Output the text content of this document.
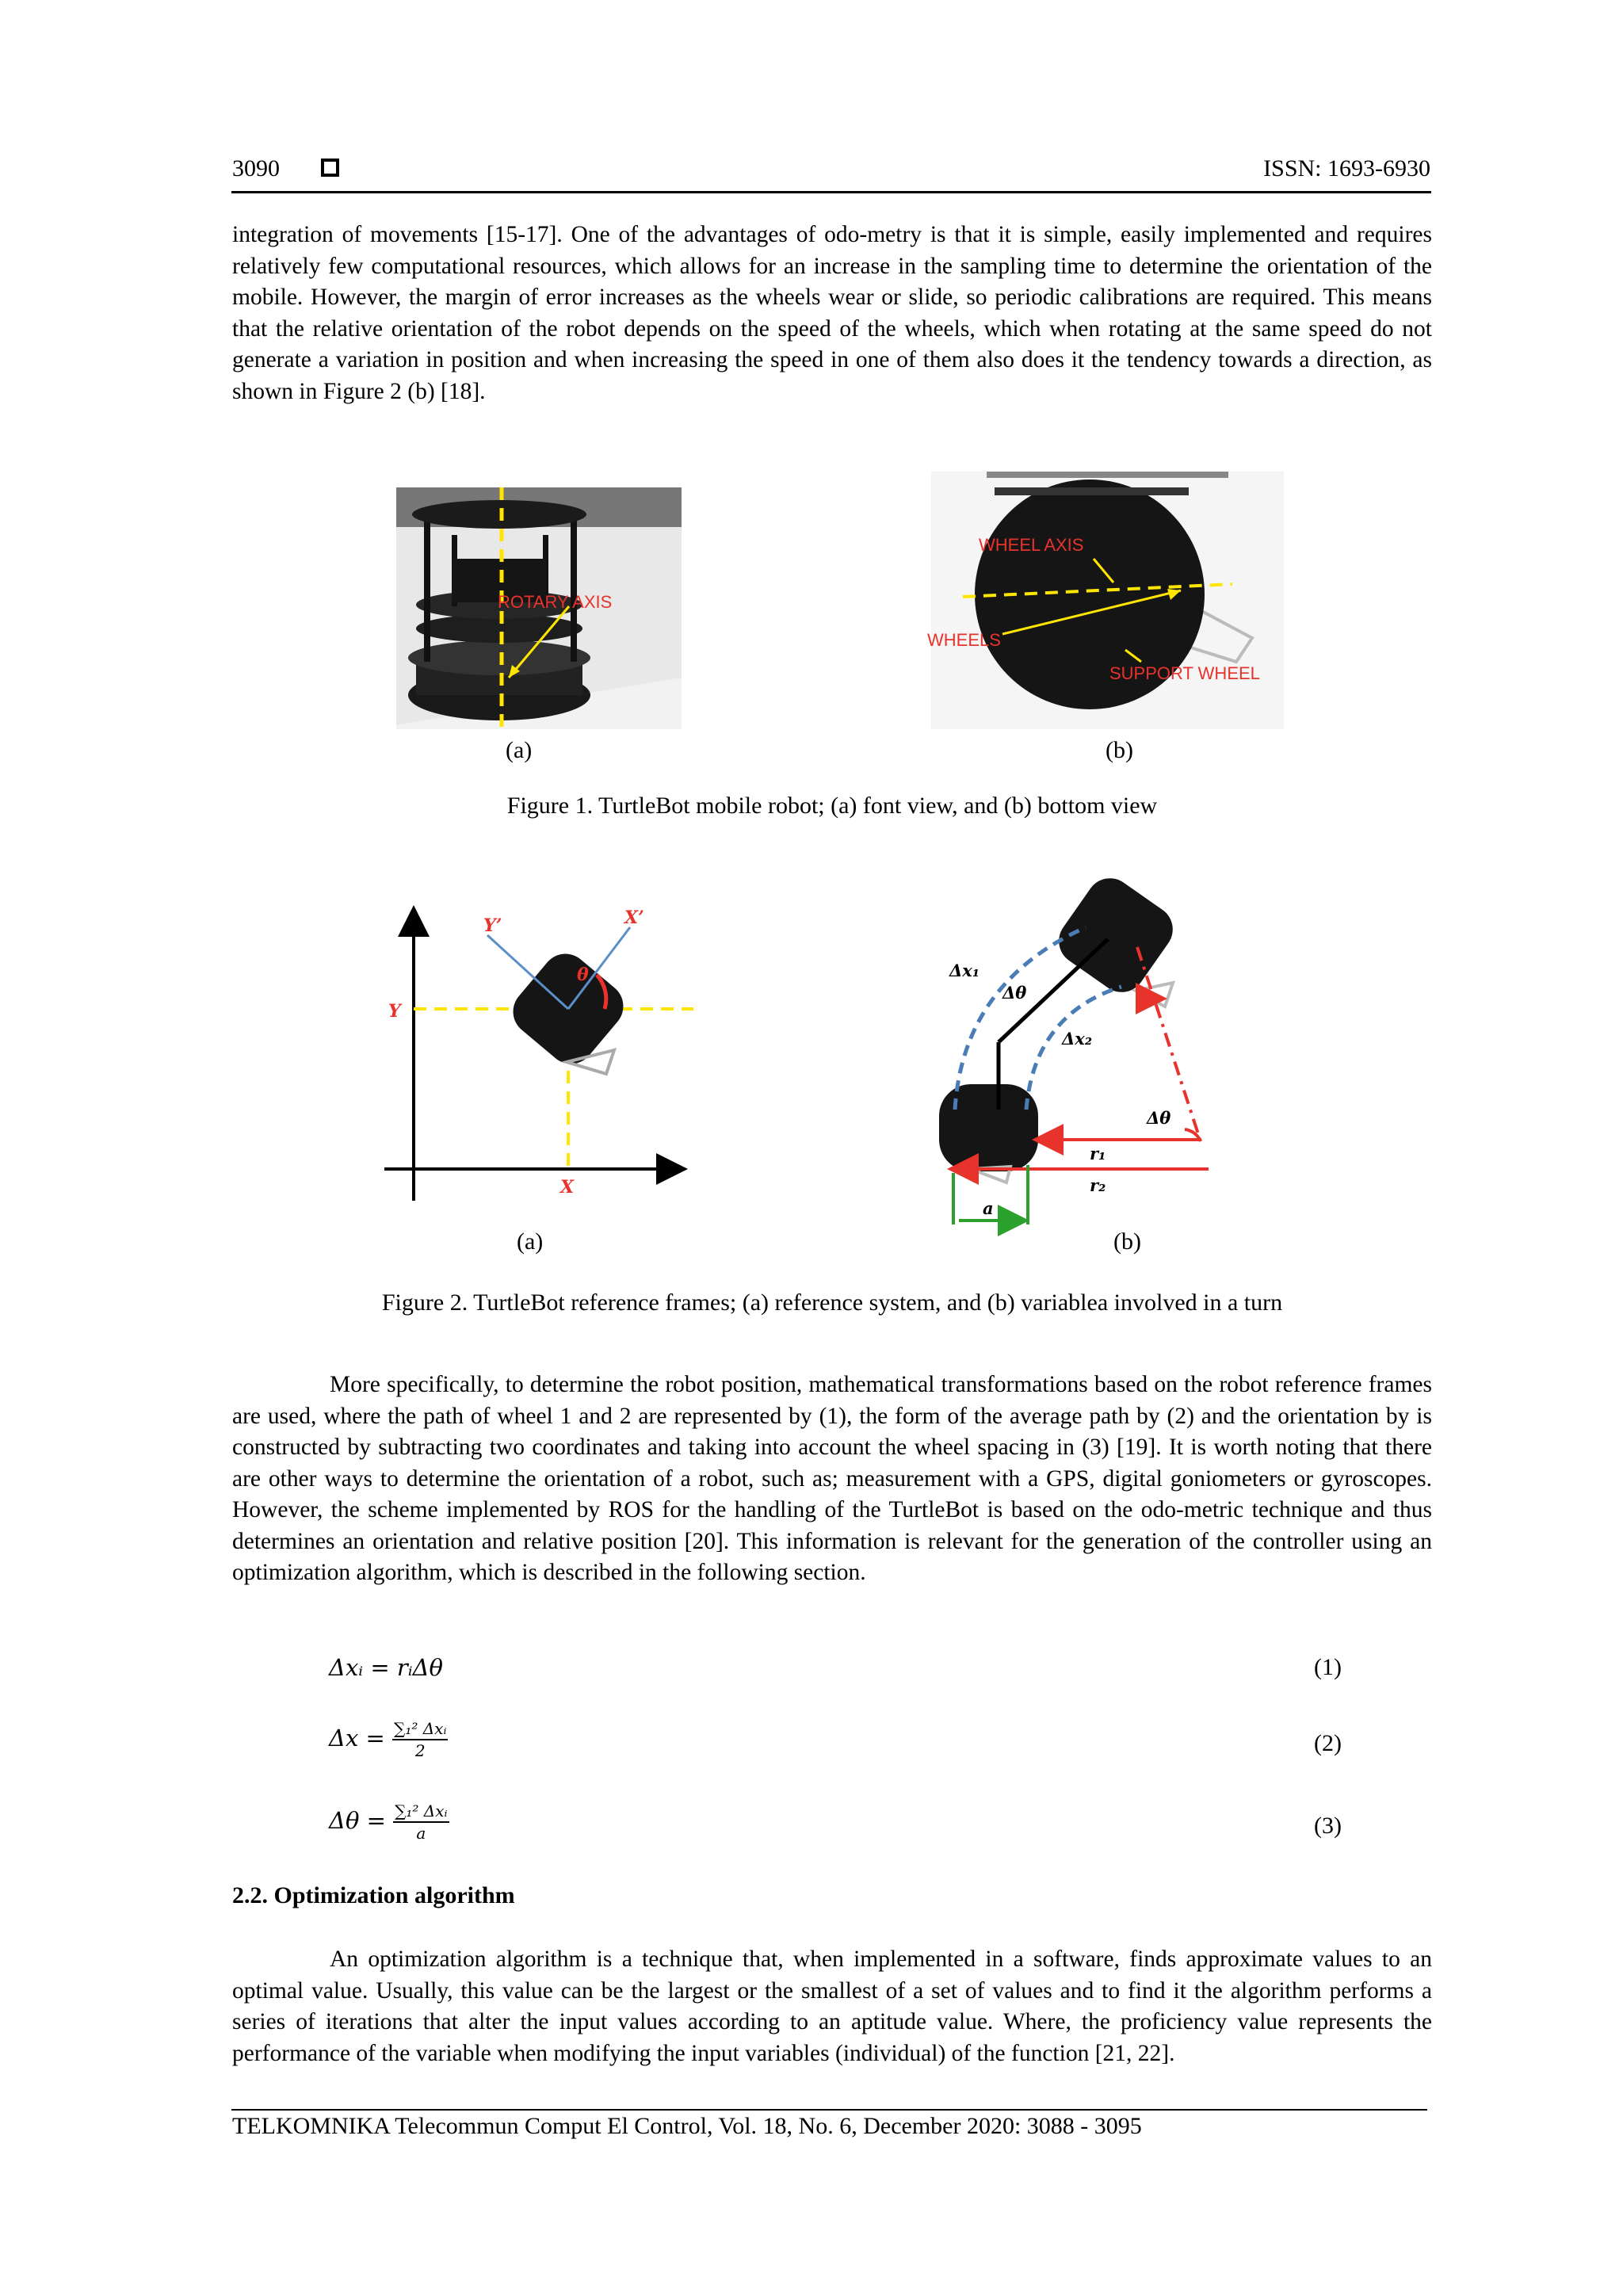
3090	ISSN: 1693-6930
integration of movements [15-17]. One of the advantages of odo-metry is that it is simple, easily implemented and requires relatively few computational resources, which allows for an increase in the sampling time to determine the orientation of the mobile. However, the margin of error increases as the wheels wear or slide, so periodic calibrations are required. This means that the relative orientation of the robot depends on the speed of the wheels, which when rotating at the same speed do not generate a variation in position and when increasing the speed in one of them also does it the tendency towards a direction, as shown in Figure 2 (b) [18].
ROTARY AXIS
WHEEL AXIS
WHEELS
SUPPORT WHEEL
(a)	(b)
Figure 1. TurtleBot mobile robot; (a) font view, and (b) bottom view
Y
X
Y’	X’
θ	Δx₁
Δθ
Δx₂
Δθ
r₁
r₂
a
(a)	(b)
Figure 2. TurtleBot reference frames; (a) reference system, and (b) variablea involved in a turn
More specifically, to determine the robot position, mathematical transformations based on the robot reference frames are used, where the path of wheel 1 and 2 are represented by (1), the form of the average path by (2) and the orientation by is constructed by subtracting two coordinates and taking into account the wheel spacing in (3) [19]. It is worth noting that there are other ways to determine the orientation of a robot, such as; measurement with a GPS, digital goniometers or gyroscopes. However, the scheme implemented by ROS for the handling of the TurtleBot is based on the odo-metric technique and thus determines an orientation and relative position [20]. This information is relevant for the generation of the controller using an optimization algorithm, which is described in the following section.
Δxᵢ = rᵢΔθ	(1)
$\Delta x = \frac{\text{∑₁² Δxᵢ}}{2}$	(2)
$\Delta\theta = \frac{\text{∑₁² Δxᵢ}}{a}$	(3)
2.2. Optimization algorithm
An optimization algorithm is a technique that, when implemented in a software, finds approximate values to an optimal value. Usually, this value can be the largest or the smallest of a set of values and to find it the algorithm performs a series of iterations that alter the input values according to an aptitude value. Where, the proficiency value represents the performance of the variable when modifying the input variables (individual) of the function [21, 22].
TELKOMNIKA Telecommun Comput El Control, Vol. 18, No. 6, December 2020: 3088 - 3095
